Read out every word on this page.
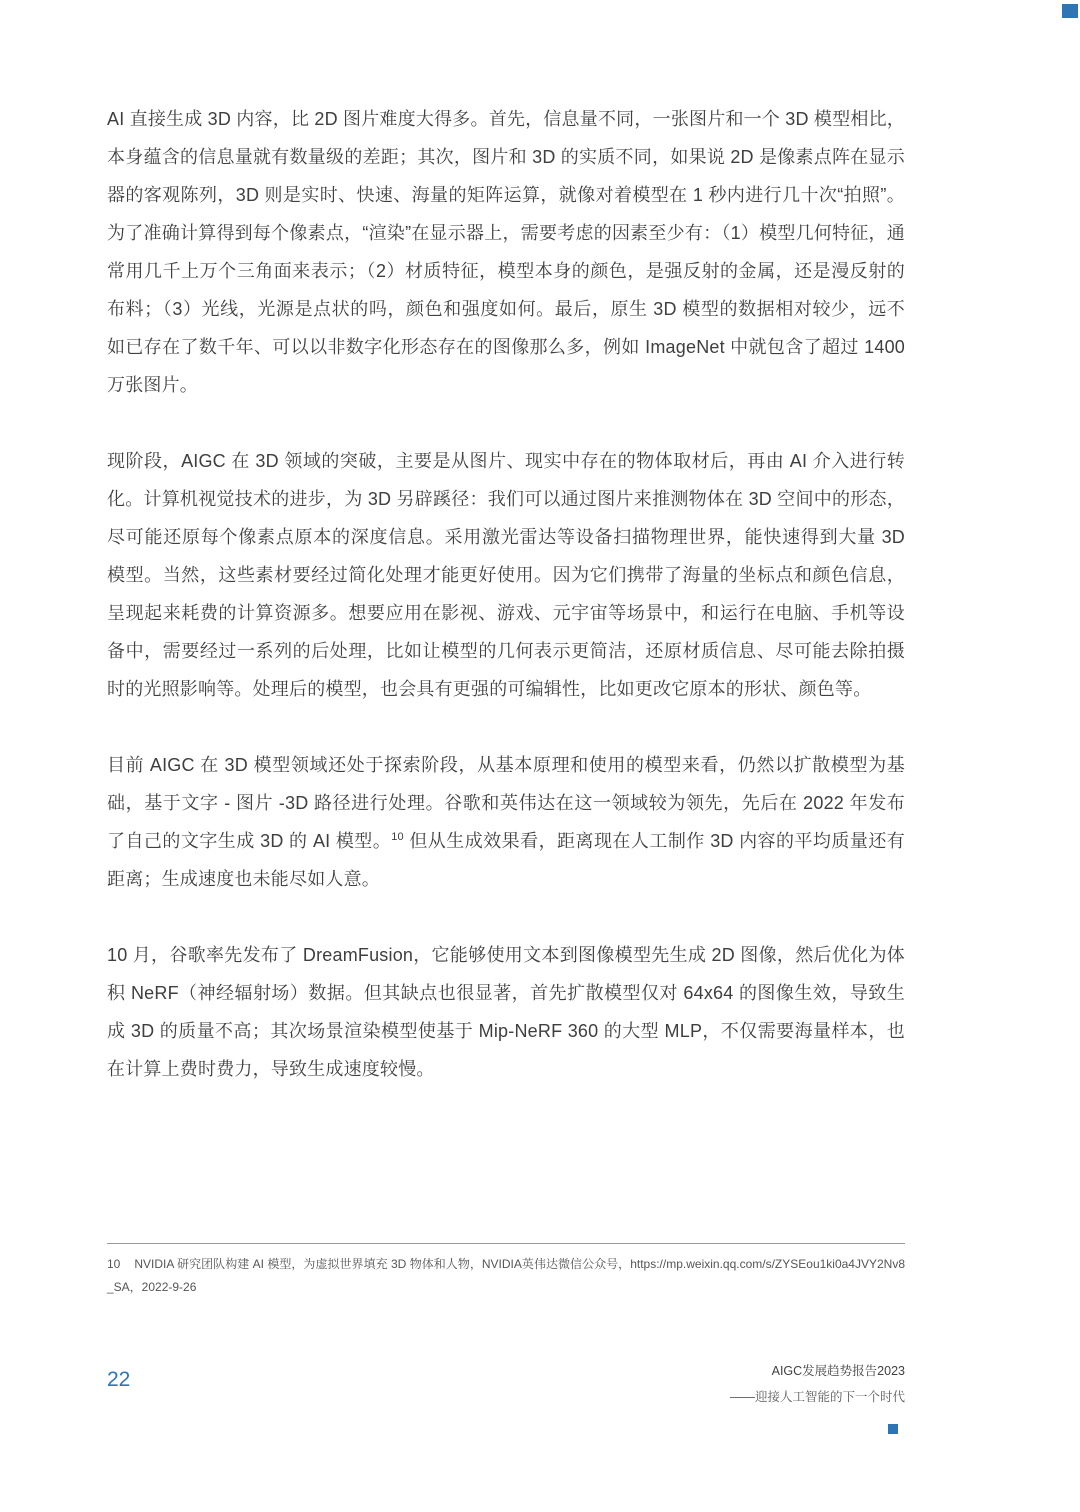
AI 直接生成 3D 内容，比 2D 图片难度大得多。首先，信息量不同，一张图片和一个 3D 模型相比，本身蕴含的信息量就有数量级的差距；其次，图片和 3D 的实质不同，如果说 2D 是像素点阵在显示器的客观陈列，3D 则是实时、快速、海量的矩阵运算，就像对着模型在 1 秒内进行几十次“拍照”。为了准确计算得到每个像素点，“渲染”在显示器上，需要考虑的因素至少有：（1）模型几何特征，通常用几千上万个三角面来表示；（2）材质特征，模型本身的颜色，是强反射的金属，还是漫反射的布料；（3）光线，光源是点状的吗，颜色和强度如何。最后，原生 3D 模型的数据相对较少，远不如已存在了数千年、可以以非数字化形态存在的图像那么多，例如 ImageNet 中就包含了超过 1400 万张图片。

现阶段，AIGC 在 3D 领域的突破，主要是从图片、现实中存在的物体取材后，再由 AI 介入进行转化。计算机视觉技术的进步，为 3D 另辟蹊径：我们可以通过图片来推测物体在 3D 空间中的形态，尽可能还原每个像素点原本的深度信息。采用激光雷达等设备扫描物理世界，能快速得到大量 3D 模型。当然，这些素材要经过简化处理才能更好使用。因为它们携带了海量的坐标点和颜色信息，呈现起来耗费的计算资源多。想要应用在影视、游戏、元宇宙等场景中，和运行在电脑、手机等设备中，需要经过一系列的后处理，比如让模型的几何表示更简洁，还原材质信息、尽可能去除拍摄时的光照影响等。处理后的模型，也会具有更强的可编辑性，比如更改它原本的形状、颜色等。

目前 AIGC 在 3D 模型领域还处于探索阶段，从基本原理和使用的模型来看，仍然以扩散模型为基础，基于文字 - 图片 -3D 路径进行处理。谷歌和英伟达在这一领域较为领先，先后在 2022 年发布了自己的文字生成 3D 的 AI 模型。$^{10}$ 但从生成效果看，距离现在人工制作 3D 内容的平均质量还有距离；生成速度也未能尽如人意。

10 月，谷歌率先发布了 DreamFusion，它能够使用文本到图像模型先生成 2D 图像，然后优化为体积 NeRF（神经辐射场）数据。但其缺点也很显著，首先扩散模型仅对 64x64 的图像生效，导致生成 3D 的质量不高；其次场景渲染模型使基于 Mip-NeRF 360 的大型 MLP，不仅需要海量样本，也在计算上费时费力，导致生成速度较慢。

10 NVIDIA 研究团队构建 AI 模型，为虚拟世界填充 3D 物体和人物，NVIDIA英伟达微信公众号，https://mp.weixin.qq.com/s/ZYSEou1ki0a4JVY2Nv8_SA，2022-9-26

22	AIGC发展趋势报告2023
——迎接人工智能的下一个时代
